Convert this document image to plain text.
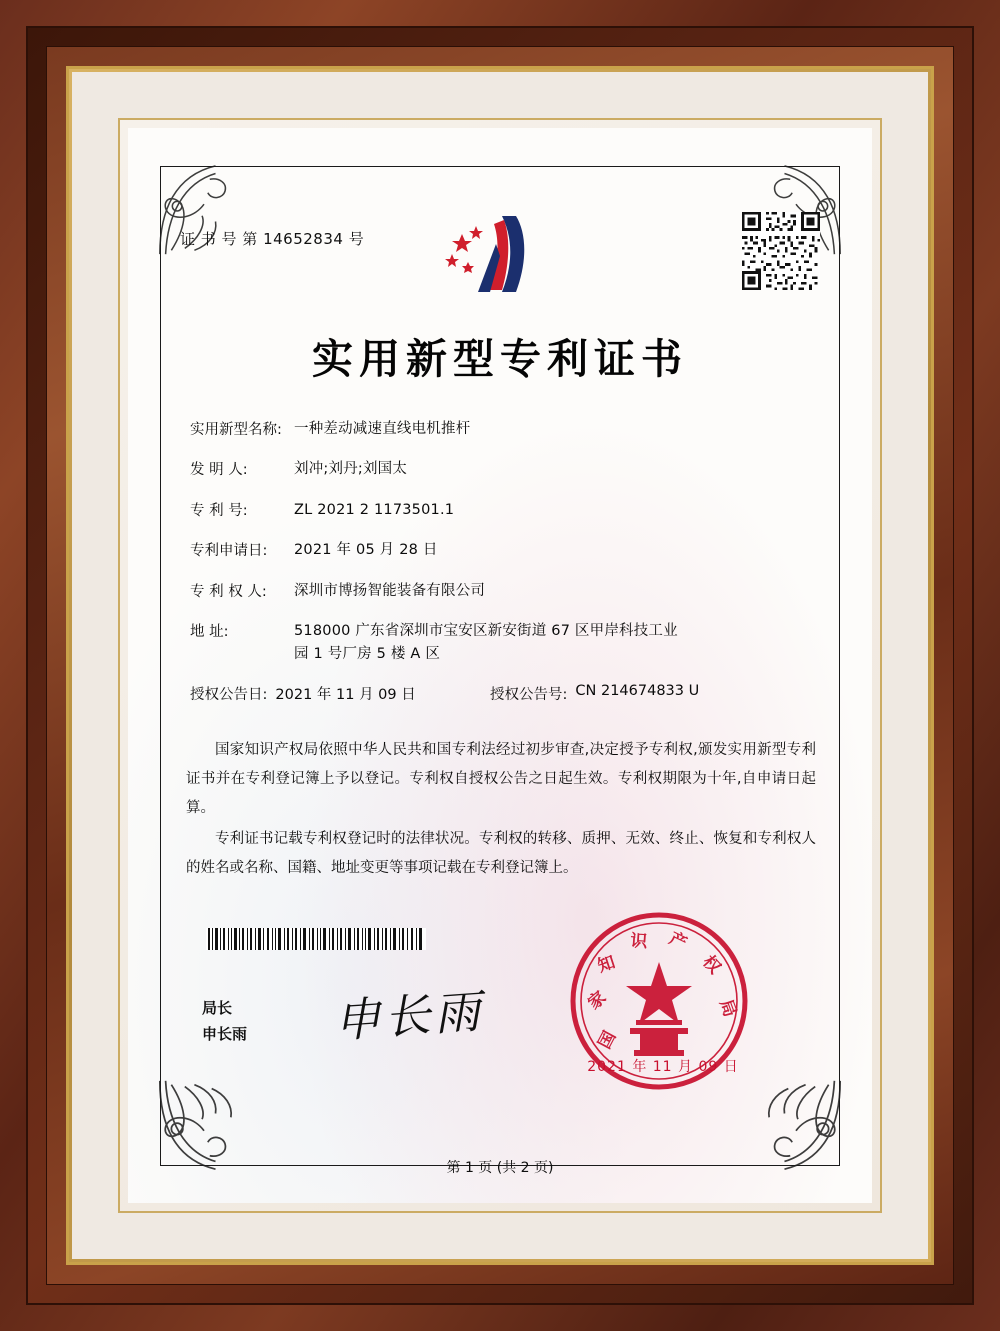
证 书 号 第 14652834 号
实用新型专利证书
实用新型名称: 一种差动减速直线电机推杆
发 明 人:	刘冲;刘丹;刘国太
专 利 号:	ZL 2021 2 1173501.1
专利申请日:	2021 年 05 月 28 日
专 利 权 人:	深圳市博扬智能装备有限公司
地 址:	518000 广东省深圳市宝安区新安街道 67 区甲岸科技工业
园 1 号厂房 5 楼 A 区
授权公告日: 2021 年 11 月 09 日	授权公告号: CN 214674833 U

国家知识产权局依照中华人民共和国专利法经过初步审查,决定授予专利权,颁发实用新型专利证书并在专利登记簿上予以登记。专利权自授权公告之日起生效。专利权期限为十年,自申请日起算。

专利证书记载专利权登记时的法律状况。专利权的转移、质押、无效、终止、恢复和专利权人的姓名或名称、国籍、地址变更等事项记载在专利登记簿上。

局长
申长雨 申长雨	国
家
知
识 产
权
局
2021 年 11 月 09 日
第 1 页 (共 2 页)
